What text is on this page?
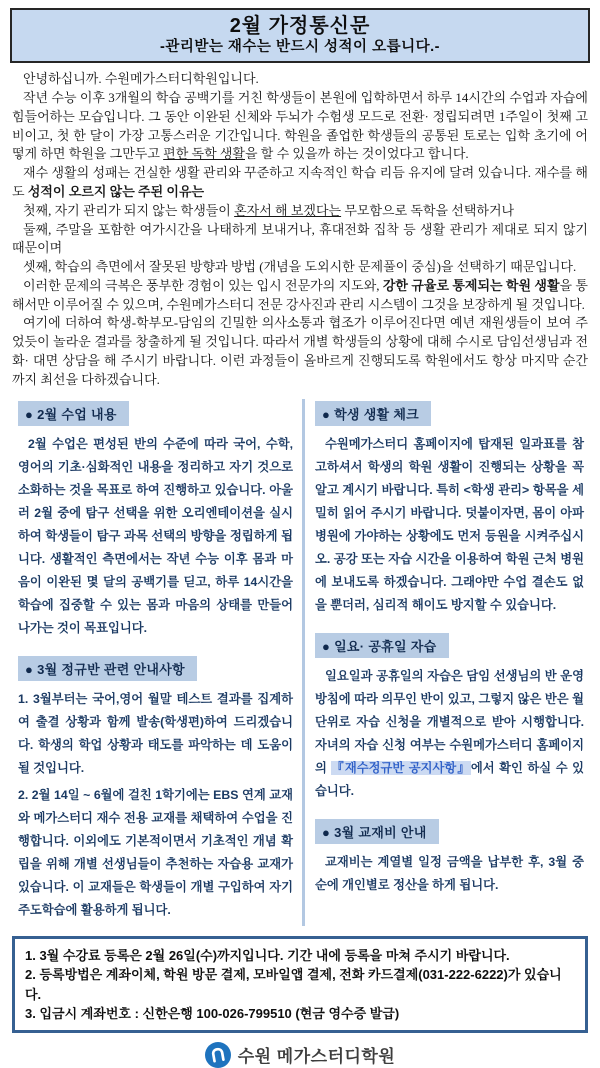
2월 가정통신문
-관리받는 재수는 반드시 성적이 오릅니다.-

안녕하십니까. 수원메가스터디학원입니다.

작년 수능 이후 3개월의 학습 공백기를 거친 학생들이 본원에 입학하면서 하루 14시간의 수업과 자습에 힘들어하는 모습입니다. 그 동안 이완된 신체와 두뇌가 수험생 모드로 전환· 정립되려면 1주일이 첫째 고비이고, 첫 한 달이 가장 고통스러운 기간입니다. 학원을 졸업한 학생들의 공통된 토로는 입학 초기에 어떻게 하면 학원을 그만두고 편한 독학 생활을 할 수 있을까 하는 것이었다고 합니다.

재수 생활의 성패는 건실한 생활 관리와 꾸준하고 지속적인 학습 리듬 유지에 달려 있습니다. 재수를 해도 성적이 오르지 않는 주된 이유는

첫째, 자기 관리가 되지 않는 학생들이 혼자서 해 보겠다는 무모함으로 독학을 선택하거나

둘째, 주말을 포함한 여가시간을 나태하게 보내거나, 휴대전화 집착 등 생활 관리가 제대로 되지 않기 때문이며

셋째, 학습의 측면에서 잘못된 방향과 방법 (개념을 도외시한 문제풀이 중심)을 선택하기 때문입니다.

이러한 문제의 극복은 풍부한 경험이 있는 입시 전문가의 지도와, 강한 규율로 통제되는 학원 생활을 통해서만 이루어질 수 있으며, 수원메가스터디 전문 강사진과 관리 시스템이 그것을 보장하게 될 것입니다.

여기에 더하여 학생-학부모-담임의 긴밀한 의사소통과 협조가 이루어진다면 예년 재원생들이 보여 주었듯이 놀라운 결과를 창출하게 될 것입니다. 따라서 개별 학생들의 상황에 대해 수시로 담임선생님과 전화· 대면 상담을 해 주시기 바랍니다. 이런 과정들이 올바르게 진행되도록 학원에서도 항상 마지막 순간까지 최선을 다하겠습니다.

● 2월 수업 내용

2월 수업은 편성된 반의 수준에 따라 국어, 수학, 영어의 기초·심화적인 내용을 정리하고 자기 것으로 소화하는 것을 목표로 하여 진행하고 있습니다. 아울러 2월 중에 탐구 선택을 위한 오리엔테이션을 실시하여 학생들이 탐구 과목 선택의 방향을 정립하게 됩니다. 생활적인 측면에서는 작년 수능 이후 몸과 마음이 이완된 몇 달의 공백기를 딛고, 하루 14시간을 학습에 집중할 수 있는 몸과 마음의 상태를 만들어 나가는 것이 목표입니다.

● 3월 정규반 관련 안내사항

1. 3월부터는 국어,영어 월말 테스트 결과를 집계하여 출결 상황과 함께 발송(학생편)하여 드리겠습니다. 학생의 학업 상황과 태도를 파악하는 데 도움이 될 것입니다.

2. 2월 14일 ~ 6월에 걸친 1학기에는 EBS 연계 교재와 메가스터디 재수 전용 교재를 채택하여 수업을 진행합니다. 이외에도 기본적이면서 기초적인 개념 확립을 위해 개별 선생님들이 추천하는 자습용 교재가 있습니다. 이 교재들은 학생들이 개별 구입하여 자기주도학습에 활용하게 됩니다.

● 학생 생활 체크

수원메가스터디 홈페이지에 탑재된 일과표를 참고하셔서 학생의 학원 생활이 진행되는 상황을 꼭 알고 계시기 바랍니다. 특히 <학생 관리> 항목을 세밀히 읽어 주시기 바랍니다. 덧붙이자면, 몸이 아파 병원에 가야하는 상황에도 먼저 등원을 시켜주십시오. 공강 또는 자습 시간을 이용하여 학원 근처 병원에 보내도록 하겠습니다. 그래야만 수업 결손도 없을 뿐더러, 심리적 해이도 방지할 수 있습니다.

● 일요· 공휴일 자습

일요일과 공휴일의 자습은 담임 선생님의 반 운영 방침에 따라 의무인 반이 있고, 그렇지 않은 반은 월 단위로 자습 신청을 개별적으로 받아 시행합니다. 자녀의 자습 신청 여부는 수원메가스터디 홈페이지의 『재수정규반 공지사항』에서 확인 하실 수 있습니다.

● 3월 교재비 안내

교재비는 계열별 일정 금액을 납부한 후, 3월 중순에 개인별로 정산을 하게 됩니다.

1. 3월 수강료 등록은 2월 26일(수)까지입니다. 기간 내에 등록을 마쳐 주시기 바랍니다.

2. 등록방법은 계좌이체, 학원 방문 결제, 모바일앱 결제, 전화 카드결제(031-222-6222)가 있습니다.

3. 입금시 계좌번호 : 신한은행 100-026-799510 (현금 영수증 발급)

수원 메가스터디학원
